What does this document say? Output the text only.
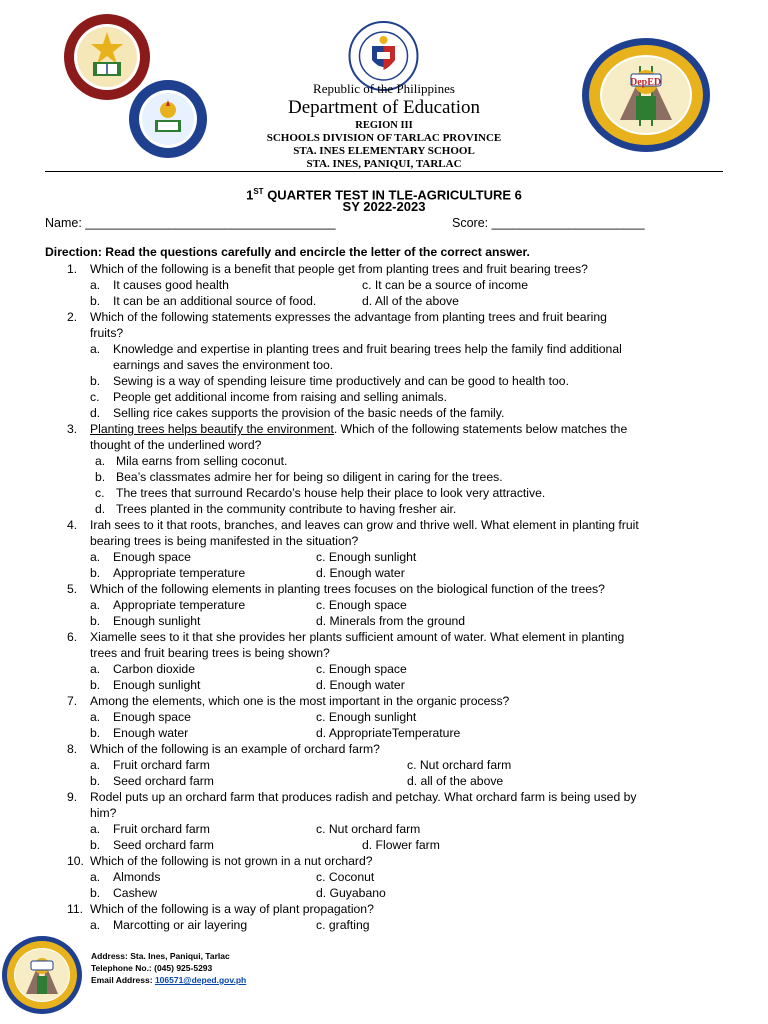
DepED
Republic of the Philippines
Department of Education
REGION III
SCHOOLS DIVISION OF TARLAC PROVINCE
STA. INES ELEMENTARY SCHOOL
STA. INES, PANIQUI, TARLAC
1ST QUARTER TEST IN TLE-AGRICULTURE 6
SY 2022-2023
Name: ____________________________________	Score: ______________________
Direction: Read the questions carefully and encircle the letter of the correct answer.
1. Which of the following is a benefit that people get from planting trees and fruit bearing trees?
a. It causes good health	c. It can be a source of income
b. It can be an additional source of food.	d. All of the above
2. Which of the following statements expresses the advantage from planting trees and fruit bearing
fruits?
a. Knowledge and expertise in planting trees and fruit bearing trees help the family find additional
earnings and saves the environment too.
b. Sewing is a way of spending leisure time productively and can be good to health too.
c. People get additional income from raising and selling animals.
d. Selling rice cakes supports the provision of the basic needs of the family.
3. Planting trees helps beautify the environment. Which of the following statements below matches the
thought of the underlined word?
a. Mila earns from selling coconut.
b. Bea’s classmates admire her for being so diligent in caring for the trees.
c. The trees that surround Recardo’s house help their place to look very attractive.
d. Trees planted in the community contribute to having fresher air.
4. Irah sees to it that roots, branches, and leaves can grow and thrive well. What element in planting fruit
bearing trees is being manifested in the situation?
a. Enough space	c. Enough sunlight
b. Appropriate temperature	d. Enough water
5. Which of the following elements in planting trees focuses on the biological function of the trees?
a. Appropriate temperature	c. Enough space
b. Enough sunlight	d. Minerals from the ground
6. Xiamelle sees to it that she provides her plants sufficient amount of water. What element in planting
trees and fruit bearing trees is being shown?
a. Carbon dioxide	c. Enough space
b. Enough sunlight	d. Enough water
7. Among the elements, which one is the most important in the organic process?
a. Enough space	c. Enough sunlight
b. Enough water	d. AppropriateTemperature
8. Which of the following is an example of orchard farm?
a. Fruit orchard farm	c. Nut orchard farm
b. Seed orchard farm	d. all of the above
9. Rodel puts up an orchard farm that produces radish and petchay. What orchard farm is being used by
him?
a. Fruit orchard farm	c. Nut orchard farm
b. Seed orchard farm	d. Flower farm
10. Which of the following is not grown in a nut orchard?
a. Almonds	c. Coconut
b. Cashew	d. Guyabano
11. Which of the following is a way of plant propagation?
a. Marcotting or air layering	c. grafting
Address: Sta. Ines, Paniqui, Tarlac
Telephone No.: (045) 925-5293
Email Address: 106571@deped.gov.ph
